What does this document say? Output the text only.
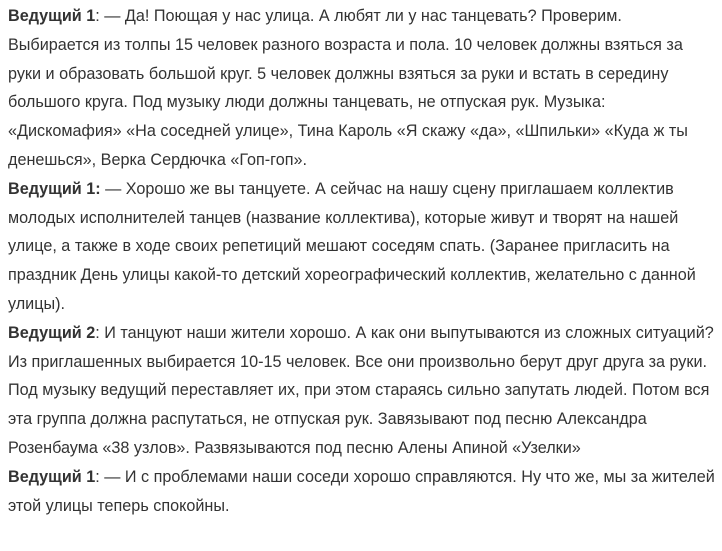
Ведущий 1: — Да! Поющая у нас улица. А любят ли у нас танцевать? Проверим. Выбирается из толпы 15 человек разного возраста и пола. 10 человек должны взяться за руки и образовать большой круг. 5 человек должны взяться за руки и встать в середину большого круга. Под музыку люди должны танцевать, не отпуская рук. Музыка: «Дискомафия» «На соседней улице», Тина Кароль «Я скажу «да», «Шпильки» «Куда ж ты денешься», Верка Сердючка «Гоп-гоп».

Ведущий 1: — Хорошо же вы танцуете. А сейчас на нашу сцену приглашаем коллектив молодых исполнителей танцев (название коллектива), которые живут и творят на нашей улице, а также в ходе своих репетиций мешают соседям спать. (Заранее пригласить на праздник День улицы какой-то детский хореографический коллектив, желательно с данной улицы).

Ведущий 2: И танцуют наши жители хорошо. А как они выпутываются из сложных ситуаций? Из приглашенных выбирается 10-15 человек. Все они произвольно берут друг друга за руки. Под музыку ведущий переставляет их, при этом стараясь сильно запутать людей. Потом вся эта группа должна распутаться, не отпуская рук. Завязывают под песню Александра Розенбаума «38 узлов». Развязываются под песню Алены Апиной «Узелки»

Ведущий 1: — И с проблемами наши соседи хорошо справляются. Ну что же, мы за жителей этой улицы теперь спокойны.
